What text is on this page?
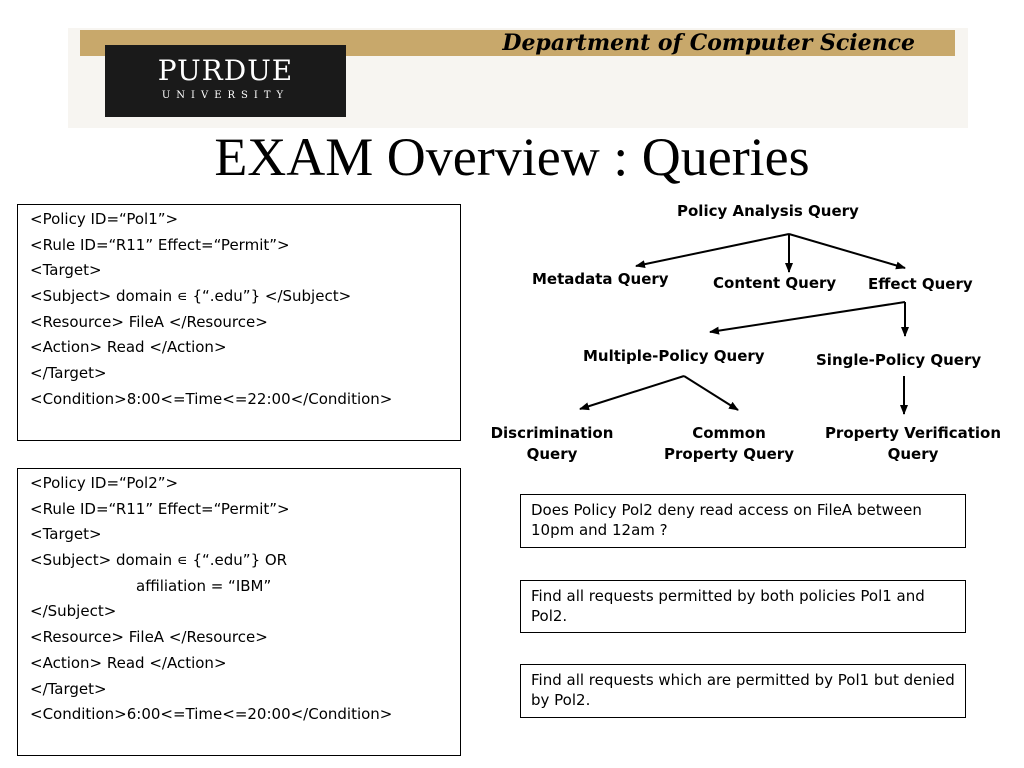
Department of Computer Science
PURDUE
UNIVERSITY
EXAM Overview : Queries
<Policy ID=“Pol1”>
<Rule ID=“R11” Effect=“Permit”>
<Target>
<Subject> domain ∊ {“.edu”} </Subject>
<Resource> FileA </Resource>
<Action> Read </Action>
</Target>
<Condition>8:00<=Time<=22:00</Condition>
<Policy ID=“Pol2”>
<Rule ID=“R11” Effect=“Permit”>
<Target>
<Subject> domain ∊ {“.edu”} OR
affiliation = “IBM”
</Subject>
<Resource> FileA </Resource>
<Action> Read </Action>
</Target>
<Condition>6:00<=Time<=20:00</Condition>
Policy Analysis Query
Metadata Query	Content Query Effect Query
Multiple-Policy Query	Single-Policy Query
Discrimination
Query
Common
Property Query
Property Verification
Query
Does Policy Pol2 deny read access on FileA between 10pm and 12am ?
Find all requests permitted by both policies Pol1 and Pol2.
Find all requests which are permitted by Pol1 but denied by Pol2.
